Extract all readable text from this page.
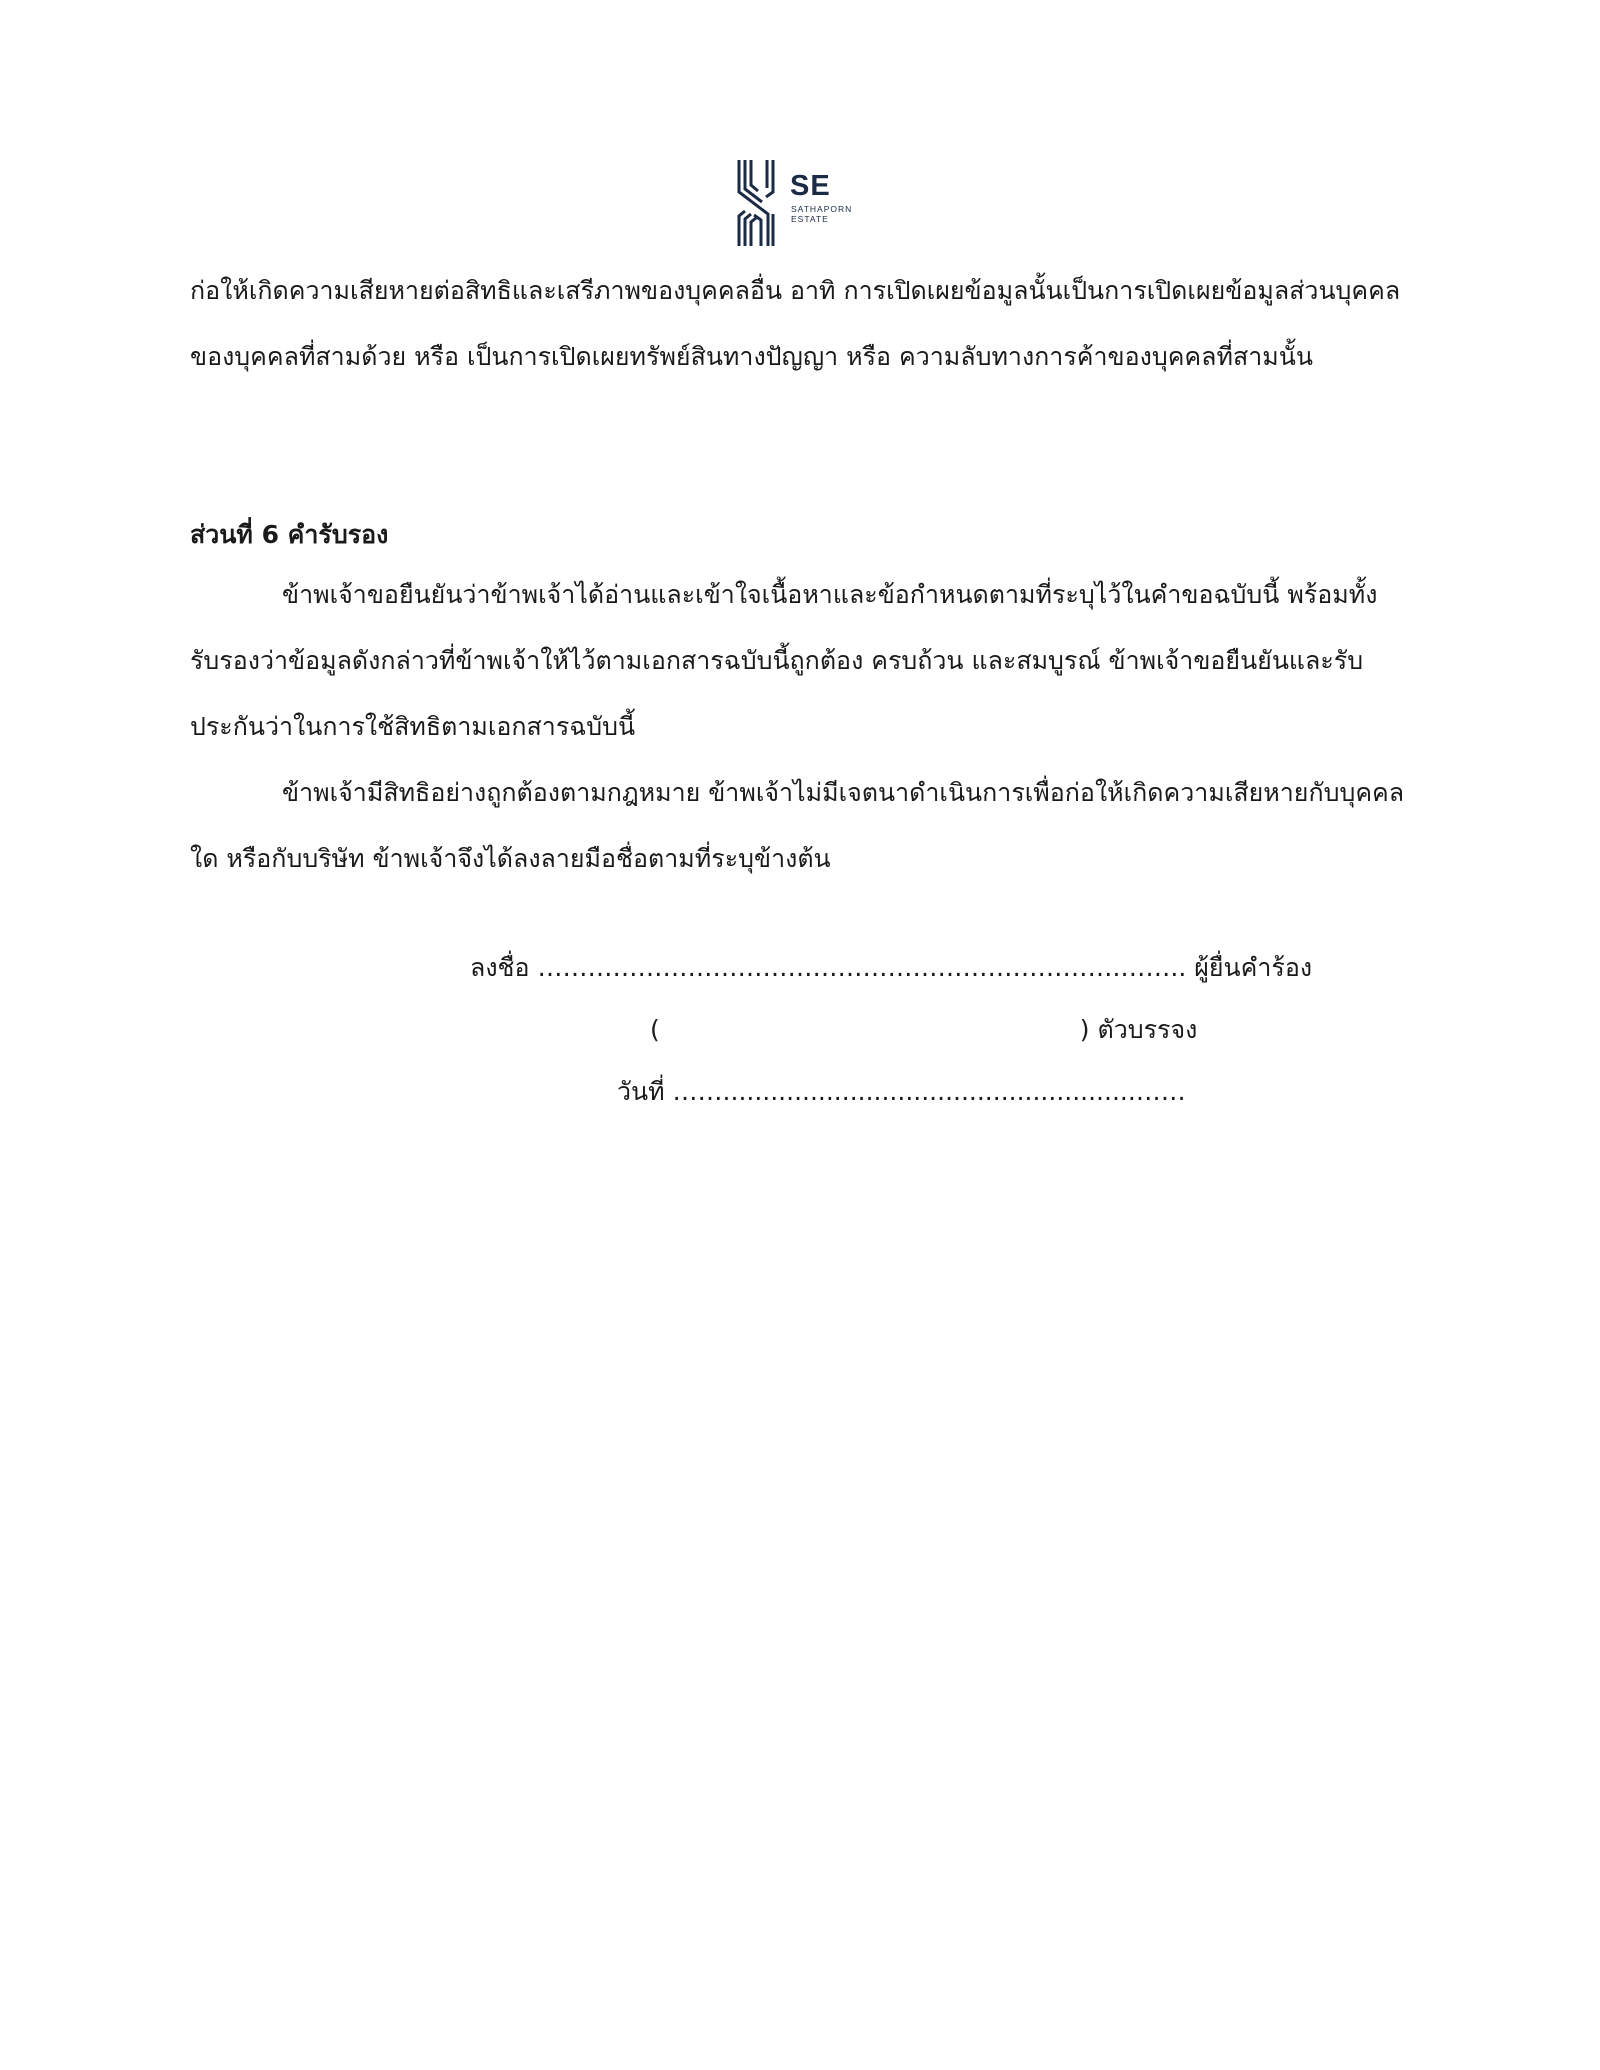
SE
SATHAPORN
ESTATE
ก่อให้เกิดความเสียหายต่อสิทธิและเสรีภาพของบุคคลอื่น อาทิ การเปิดเผยข้อมูลนั้นเป็นการเปิดเผยข้อมูลส่วนบุคคลของบุคคลที่สามด้วย หรือ เป็นการเปิดเผยทรัพย์สินทางปัญญา หรือ ความลับทางการค้าของบุคคลที่สามนั้น
ส่วนที่ 6 คำรับรอง
ข้าพเจ้าขอยืนยันว่าข้าพเจ้าได้อ่านและเข้าใจเนื้อหาและข้อกำหนดตามที่ระบุไว้ในคำขอฉบับนี้ พร้อมทั้งรับรองว่าข้อมูลดังกล่าวที่ข้าพเจ้าให้ไว้ตามเอกสารฉบับนี้ถูกต้อง ครบถ้วน และสมบูรณ์ ข้าพเจ้าขอยืนยันและรับประกันว่าในการใช้สิทธิตามเอกสารฉบับนี้
ข้าพเจ้ามีสิทธิอย่างถูกต้องตามกฎหมาย ข้าพเจ้าไม่มีเจตนาดำเนินการเพื่อก่อให้เกิดความเสียหายกับบุคคลใด หรือกับบริษัท ข้าพเจ้าจึงได้ลงลายมือชื่อตามที่ระบุข้างต้น
ลงชื่อ …………………………………………………………….…….. ผู้ยื่นคำร้อง
(	) ตัวบรรจง
วันที่ ……....................................................……
